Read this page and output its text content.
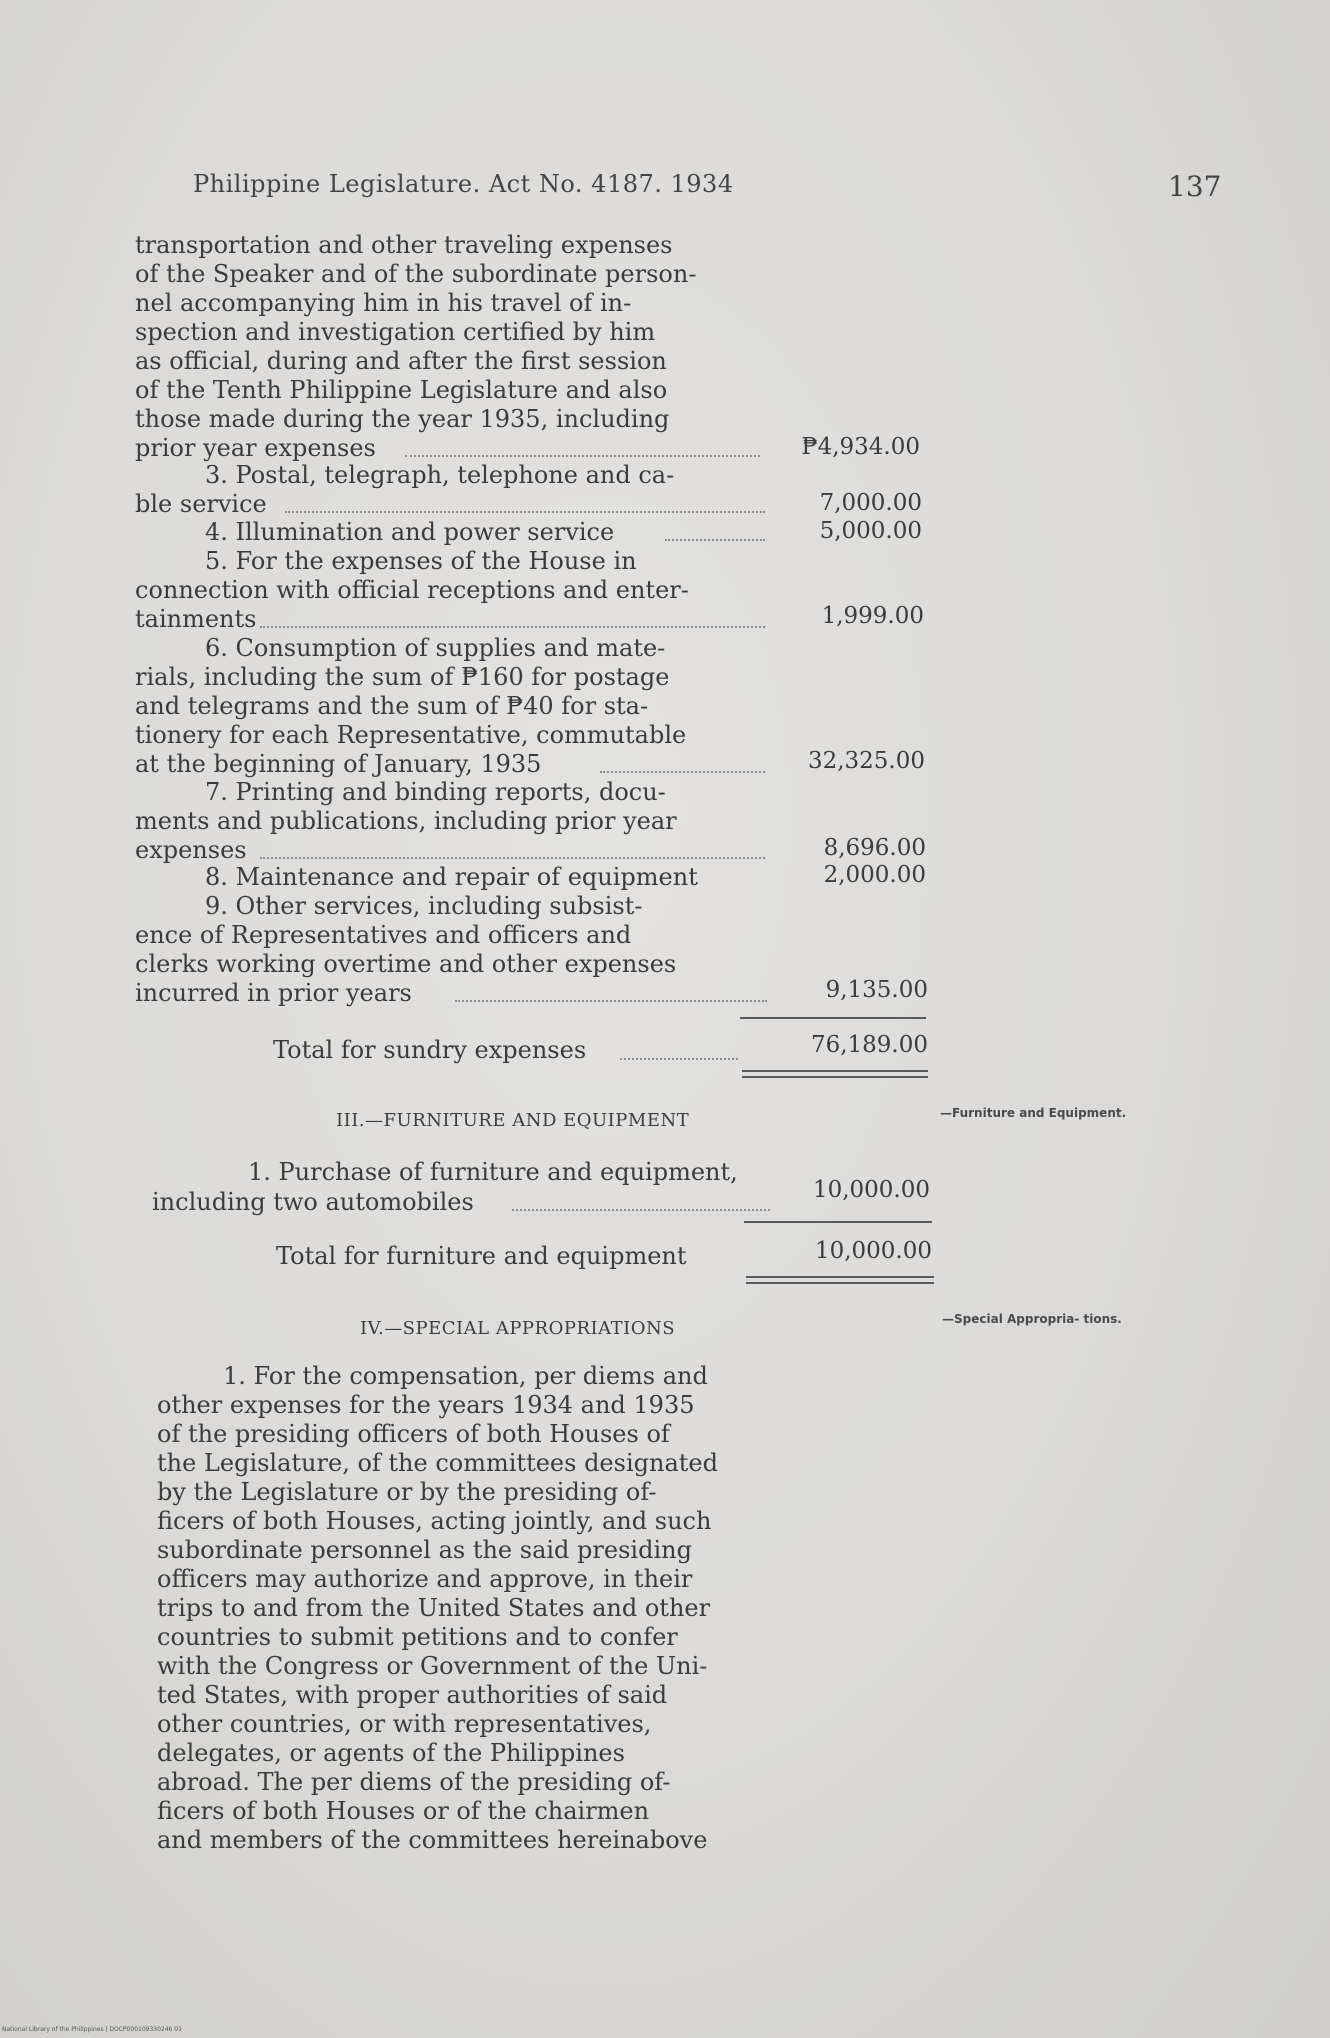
Philippine Legislature. Act No. 4187. 1934	137
transportation and other traveling expenses
of the Speaker and of the subordinate person-
nel accompanying him in his travel of in-
spection and investigation certified by him
as official, during and after the first session
of the Tenth Philippine Legislature and also
those made during the year 1935, including
prior year expenses	₱4,934.00
3. Postal, telegraph, telephone and ca-
ble service	7,000.00
4. Illumination and power service	5,000.00
5. For the expenses of the House in
connection with official receptions and enter-
tainments	1,999.00
6. Consumption of supplies and mate-
rials, including the sum of ₱160 for postage
and telegrams and the sum of ₱40 for sta-
tionery for each Representative, commutable
at the beginning of January, 1935	32,325.00
7. Printing and binding reports, docu-
ments and publications, including prior year
expenses	8,696.00
8. Maintenance and repair of equipment	2,000.00
9. Other services, including subsist-
ence of Representatives and officers and
clerks working overtime and other expenses
incurred in prior years	9,135.00
Total for sundry expenses	76,189.00
III.—FURNITURE AND EQUIPMENT	—Furniture and Equipment.
1. Purchase of furniture and equipment,
including two automobiles	10,000.00
Total for furniture and equipment	10,000.00
IV.—SPECIAL APPROPRIATIONS	—Special Appropria- tions.
1. For the compensation, per diems and
other expenses for the years 1934 and 1935
of the presiding officers of both Houses of
the Legislature, of the committees designated
by the Legislature or by the presiding of-
ficers of both Houses, acting jointly, and such
subordinate personnel as the said presiding
officers may authorize and approve, in their
trips to and from the United States and other
countries to submit petitions and to confer
with the Congress or Government of the Uni-
ted States, with proper authorities of said
other countries, or with representatives,
delegates, or agents of the Philippines
abroad. The per diems of the presiding of-
ficers of both Houses or of the chairmen
and members of the committees hereinabove
National Library of the Philippines | DOCP000109330246 01
